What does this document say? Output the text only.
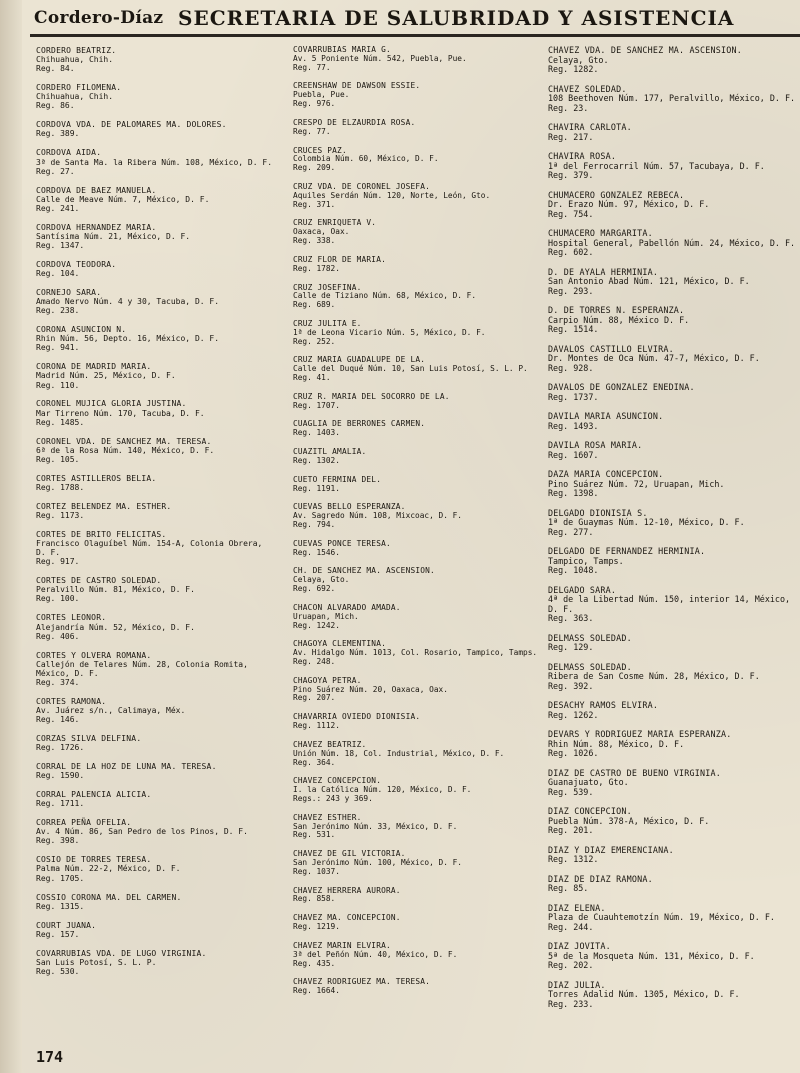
Cordero-Díaz SECRETARIA DE SALUBRIDAD Y ASISTENCIA
CORDERO BEATRIZ.
Chihuahua, Chih.
Reg. 84.
CORDERO FILOMENA.
Chihuahua, Chih.
Reg. 86.
CORDOVA VDA. DE PALOMARES MA. DOLORES.
Reg. 389.
CORDOVA AIDA.
3ª de Santa Ma. la Ribera Núm. 108, México, D. F.
Reg. 27.
CORDOVA DE BAEZ MANUELA.
Calle de Meave Núm. 7, México, D. F.
Reg. 241.
CORDOVA HERNANDEZ MARIA.
Santísima Núm. 21, México, D. F.
Reg. 1347.
CORDOVA TEODORA.
Reg. 104.
CORNEJO SARA.
Amado Nervo Núm. 4 y 30, Tacuba, D. F.
Reg. 238.
CORONA ASUNCION N.
Rhin Núm. 56, Depto. 16, México, D. F.
Reg. 941.
CORONA DE MADRID MARIA.
Madrid Núm. 25, México, D. F.
Reg. 110.
CORONEL MUJICA GLORIA JUSTINA.
Mar Tirreno Núm. 170, Tacuba, D. F.
Reg. 1485.
CORONEL VDA. DE SANCHEZ MA. TERESA.
6ª de la Rosa Núm. 140, México, D. F.
Reg. 105.
CORTES ASTILLEROS BELIA.
Reg. 1788.
CORTEZ BELENDEZ MA. ESTHER.
Reg. 1173.
CORTES DE BRITO FELICITAS.
Francisco Olaguíbel Núm. 154-A, Colonia Obrera, D. F.
Reg. 917.
CORTES DE CASTRO SOLEDAD.
Peralvillo Núm. 81, México, D. F.
Reg. 100.
CORTES LEONOR.
Alejandría Núm. 52, México, D. F.
Reg. 406.
CORTES Y OLVERA ROMANA.
Callejón de Telares Núm. 28, Colonia Romita, México, D. F.
Reg. 374.
CORTES RAMONA.
Av. Juárez s/n., Calimaya, Méx.
Reg. 146.
CORZAS SILVA DELFINA.
Reg. 1726.
CORRAL DE LA HOZ DE LUNA MA. TERESA.
Reg. 1590.
CORRAL PALENCIA ALICIA.
Reg. 1711.
CORREA PEÑA OFELIA.
Av. 4 Núm. 86, San Pedro de los Pinos, D. F.
Reg. 398.
COSIO DE TORRES TERESA.
Palma Núm. 22-2, México, D. F.
Reg. 1705.
COSSIO CORONA MA. DEL CARMEN.
Reg. 1315.
COURT JUANA.
Reg. 157.
COVARRUBIAS VDA. DE LUGO VIRGINIA.
San Luis Potosí, S. L. P.
Reg. 530.
COVARRUBIAS MARIA G.
Av. 5 Poniente Núm. 542, Puebla, Pue.
Reg. 77.
CREENSHAW DE DAWSON ESSIE.
Puebla, Pue.
Reg. 976.
CRESPO DE ELZAURDIA ROSA.
Reg. 77.
CRUCES PAZ.
Colombia Núm. 60, México, D. F.
Reg. 209.
CRUZ VDA. DE CORONEL JOSEFA.
Aquiles Serdán Núm. 120, Norte, León, Gto.
Reg. 371.
CRUZ ENRIQUETA V.
Oaxaca, Oax.
Reg. 338.
CRUZ FLOR DE MARIA.
Reg. 1782.
CRUZ JOSEFINA.
Calle de Tiziano Núm. 68, México, D. F.
Reg. 689.
CRUZ JULITA E.
1ª de Leona Vicario Núm. 5, México, D. F.
Reg. 252.
CRUZ MARIA GUADALUPE DE LA.
Calle del Duqué Núm. 10, San Luis Potosí, S. L. P.
Reg. 41.
CRUZ R. MARIA DEL SOCORRO DE LA.
Reg. 1707.
CUAGLIA DE BERRONES CARMEN.
Reg. 1403.
CUAZITL AMALIA.
Reg. 1302.
CUETO FERMINA DEL.
Reg. 1191.
CUEVAS BELLO ESPERANZA.
Av. Sagredo Núm. 108, Mixcoac, D. F.
Reg. 794.
CUEVAS PONCE TERESA.
Reg. 1546.
CH. DE SANCHEZ MA. ASCENSION.
Celaya, Gto.
Reg. 692.
CHACON ALVARADO AMADA.
Uruapan, Mich.
Reg. 1242.
CHAGOYA CLEMENTINA.
Av. Hidalgo Núm. 1013, Col. Rosario, Tampico, Tamps.
Reg. 248.
CHAGOYA PETRA.
Pino Suárez Núm. 20, Oaxaca, Oax.
Reg. 207.
CHAVARRIA OVIEDO DIONISIA.
Reg. 1112.
CHAVEZ BEATRIZ.
Unión Núm. 18, Col. Industrial, México, D. F.
Reg. 364.
CHAVEZ CONCEPCION.
I. la Católica Núm. 120, México, D. F.
Regs.: 243 y 369.
CHAVEZ ESTHER.
San Jerónimo Núm. 33, México, D. F.
Reg. 531.
CHAVEZ DE GIL VICTORIA.
San Jerónimo Núm. 100, México, D. F.
Reg. 1037.
CHAVEZ HERRERA AURORA.
Reg. 858.
CHAVEZ MA. CONCEPCION.
Reg. 1219.
CHAVEZ MARIN ELVIRA.
3ª del Peñón Núm. 40, México, D. F.
Reg. 435.
CHAVEZ RODRIGUEZ MA. TERESA.
Reg. 1664.
CHAVEZ VDA. DE SANCHEZ MA. ASCENSION.
Celaya, Gto.
Reg. 1282.
CHAVEZ SOLEDAD.
108 Beethoven Núm. 177, Peralvillo, México, D. F.
Reg. 23.
CHAVIRA CARLOTA.
Reg. 217.
CHAVIRA ROSA.
1ª del Ferrocarril Núm. 57, Tacubaya, D. F.
Reg. 379.
CHUMACERO GONZALEZ REBECA.
Dr. Erazo Núm. 97, México, D. F.
Reg. 754.
CHUMACERO MARGARITA.
Hospital General, Pabellón Núm. 24, México, D. F.
Reg. 602.
D. DE AYALA HERMINIA.
San Antonio Abad Núm. 121, México, D. F.
Reg. 293.
D. DE TORRES N. ESPERANZA.
Carpio Núm. 88, México D. F.
Reg. 1514.
DAVALOS CASTILLO ELVIRA.
Dr. Montes de Oca Núm. 47-7, México, D. F.
Reg. 928.
DAVALOS DE GONZALEZ ENEDINA.
Reg. 1737.
DAVILA MARIA ASUNCION.
Reg. 1493.
DAVILA ROSA MARIA.
Reg. 1607.
DAZA MARIA CONCEPCION.
Pino Suárez Núm. 72, Uruapan, Mich.
Reg. 1398.
DELGADO DIONISIA S.
1ª de Guaymas Núm. 12-10, México, D. F.
Reg. 277.
DELGADO DE FERNANDEZ HERMINIA.
Tampico, Tamps.
Reg. 1048.
DELGADO SARA.
4ª de la Libertad Núm. 150, interior 14, México, D. F.
Reg. 363.
DELMASS SOLEDAD.
Reg. 129.
DELMASS SOLEDAD.
Ribera de San Cosme Núm. 28, México, D. F.
Reg. 392.
DESACHY RAMOS ELVIRA.
Reg. 1262.
DEVARS Y RODRIGUEZ MARIA ESPERANZA.
Rhin Núm. 88, México, D. F.
Reg. 1026.
DIAZ DE CASTRO DE BUENO VIRGINIA.
Guanajuato, Gto.
Reg. 539.
DIAZ CONCEPCION.
Puebla Núm. 378-A, México, D. F.
Reg. 201.
DIAZ Y DIAZ EMERENCIANA.
Reg. 1312.
DIAZ DE DIAZ RAMONA.
Reg. 85.
DIAZ ELENA.
Plaza de Cuauhtemotzín Núm. 19, México, D. F.
Reg. 244.
DIAZ JOVITA.
5ª de la Mosqueta Núm. 131, México, D. F.
Reg. 202.
DIAZ JULIA.
Torres Adalid Núm. 1305, México, D. F.
Reg. 233.
174
